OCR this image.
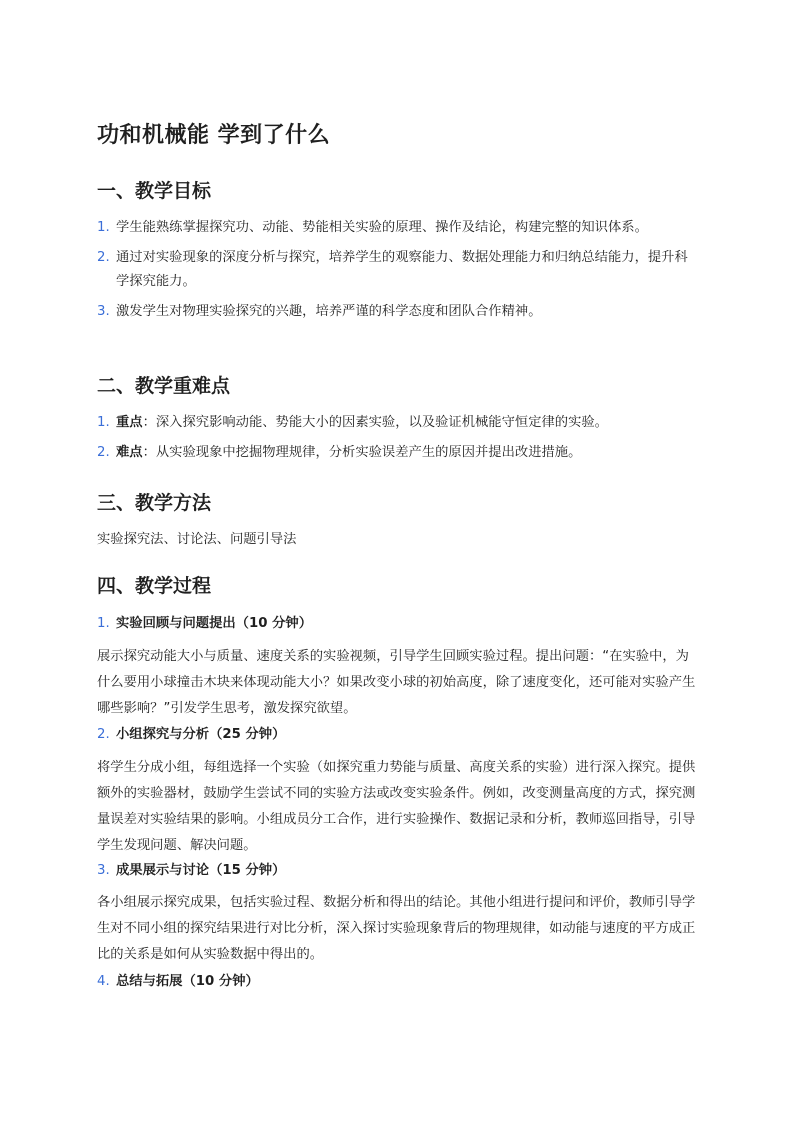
功和机械能 学到了什么
一、教学目标
1. 学生能熟练掌握探究功、动能、势能相关实验的原理、操作及结论，构建完整的知识体系。
2. 通过对实验现象的深度分析与探究，培养学生的观察能力、数据处理能力和归纳总结能力，提升科学探究能力。
3. 激发学生对物理实验探究的兴趣，培养严谨的科学态度和团队合作精神。
二、教学重难点
1. 重点：深入探究影响动能、势能大小的因素实验，以及验证机械能守恒定律的实验。
2. 难点：从实验现象中挖掘物理规律，分析实验误差产生的原因并提出改进措施。
三、教学方法

实验探究法、讨论法、问题引导法

四、教学过程
1. 实验回顾与问题提出（10 分钟）

展示探究动能大小与质量、速度关系的实验视频，引导学生回顾实验过程。提出问题：“在实验中，为什么要用小球撞击木块来体现动能大小？如果改变小球的初始高度，除了速度变化，还可能对实验产生哪些影响？”引发学生思考，激发探究欲望。

2. 小组探究与分析（25 分钟）

将学生分成小组，每组选择一个实验（如探究重力势能与质量、高度关系的实验）进行深入探究。提供额外的实验器材，鼓励学生尝试不同的实验方法或改变实验条件。例如，改变测量高度的方式，探究测量误差对实验结果的影响。小组成员分工合作，进行实验操作、数据记录和分析，教师巡回指导，引导学生发现问题、解决问题。

3. 成果展示与讨论（15 分钟）

各小组展示探究成果，包括实验过程、数据分析和得出的结论。其他小组进行提问和评价，教师引导学生对不同小组的探究结果进行对比分析，深入探讨实验现象背后的物理规律，如动能与速度的平方成正比的关系是如何从实验数据中得出的。

4. 总结与拓展（10 分钟）
